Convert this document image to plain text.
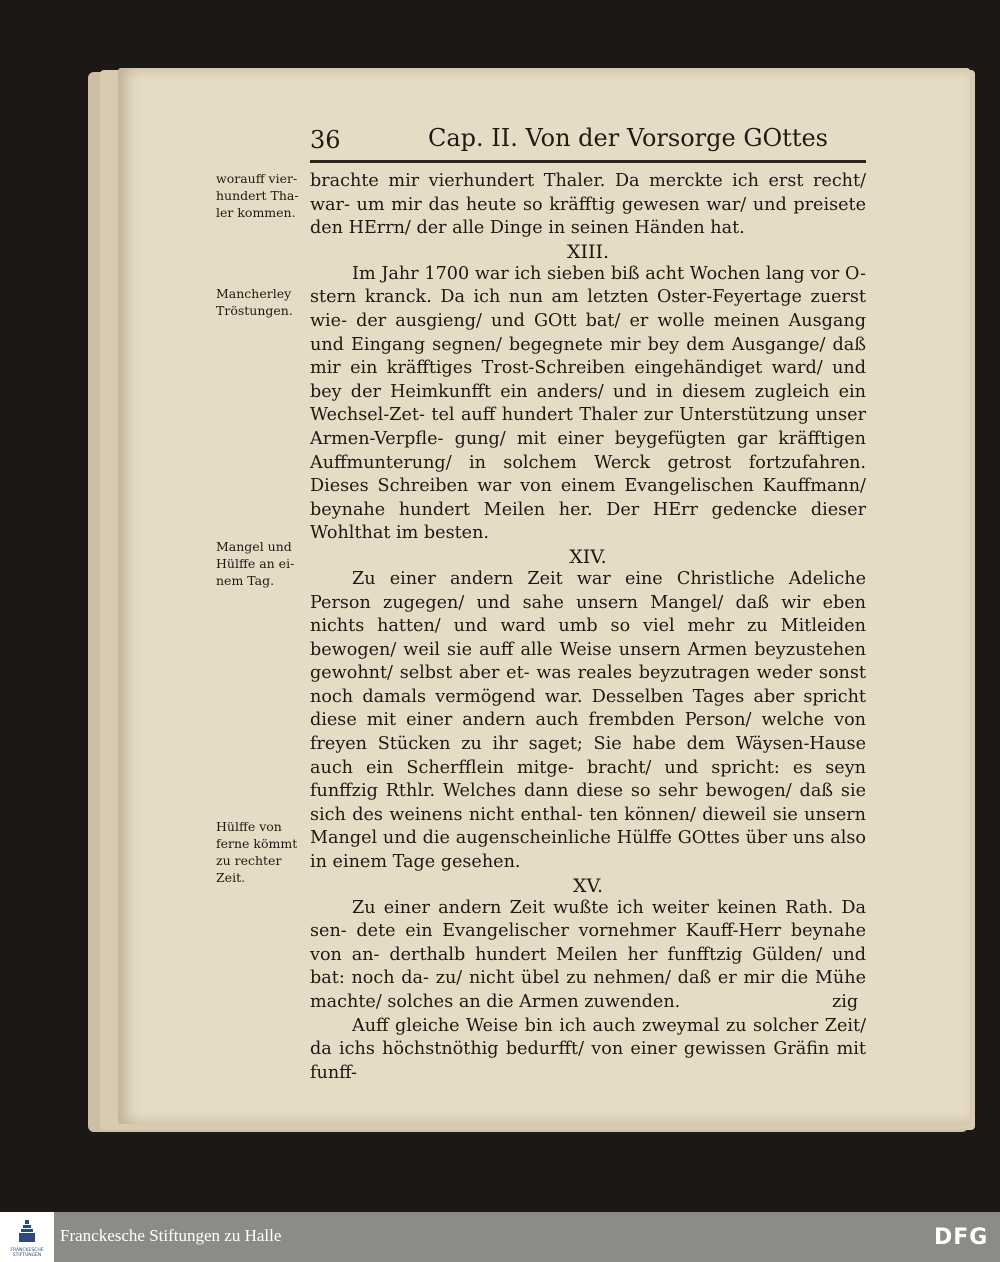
36	Cap. II. Von der Vorsorge GOttes
worauff vier- hundert Tha- ler kommen.
Mancherley Tröstungen.
Mangel und Hülffe an ei- nem Tag.
Hülffe von ferne kömmt zu rechter Zeit.

brachte mir vierhundert Thaler. Da merckte ich erst recht/ war- um mir das heute so kräfftig gewesen war/ und preisete den HErrn/ der alle Dinge in seinen Händen hat.

XIII.

Im Jahr 1700 war ich sieben biß acht Wochen lang vor O- stern kranck. Da ich nun am letzten Oster-Feyertage zuerst wie- der ausgieng/ und GOtt bat/ er wolle meinen Ausgang und Eingang segnen/ begegnete mir bey dem Ausgange/ daß mir ein kräfftiges Trost-Schreiben eingehändiget ward/ und bey der Heimkunfft ein anders/ und in diesem zugleich ein Wechsel-Zet- tel auff hundert Thaler zur Unterstützung unser Armen-Verpfle- gung/ mit einer beygefügten gar kräfftigen Auffmunterung/ in solchem Werck getrost fortzufahren. Dieses Schreiben war von einem Evangelischen Kauffmann/ beynahe hundert Meilen her. Der HErr gedencke dieser Wohlthat im besten.

XIV.

Zu einer andern Zeit war eine Christliche Adeliche Person zugegen/ und sahe unsern Mangel/ daß wir eben nichts hatten/ und ward umb so viel mehr zu Mitleiden bewogen/ weil sie auff alle Weise unsern Armen beyzustehen gewohnt/ selbst aber et- was reales beyzutragen weder sonst noch damals vermögend war. Desselben Tages aber spricht diese mit einer andern auch frembden Person/ welche von freyen Stücken zu ihr saget; Sie habe dem Wäysen-Hause auch ein Scherfflein mitge- bracht/ und spricht: es seyn funffzig Rthlr. Welches dann diese so sehr bewogen/ daß sie sich des weinens nicht enthal- ten können/ dieweil sie unsern Mangel und die augenscheinliche Hülffe GOttes über uns also in einem Tage gesehen.

XV.

Zu einer andern Zeit wußte ich weiter keinen Rath. Da sen- dete ein Evangelischer vornehmer Kauff-Herr beynahe von an- derthalb hundert Meilen her funfftzig Gülden/ und bat: noch da- zu/ nicht übel zu nehmen/ daß er mir die Mühe machte/ solches an die Armen zuwenden.

Auff gleiche Weise bin ich auch zweymal zu solcher Zeit/ da ichs höchstnöthig bedurfft/ von einer gewissen Gräfin mit funff-

zig
FRANCKESCHE STIFTUNGEN
Franckesche Stiftungen zu Halle	DFG
